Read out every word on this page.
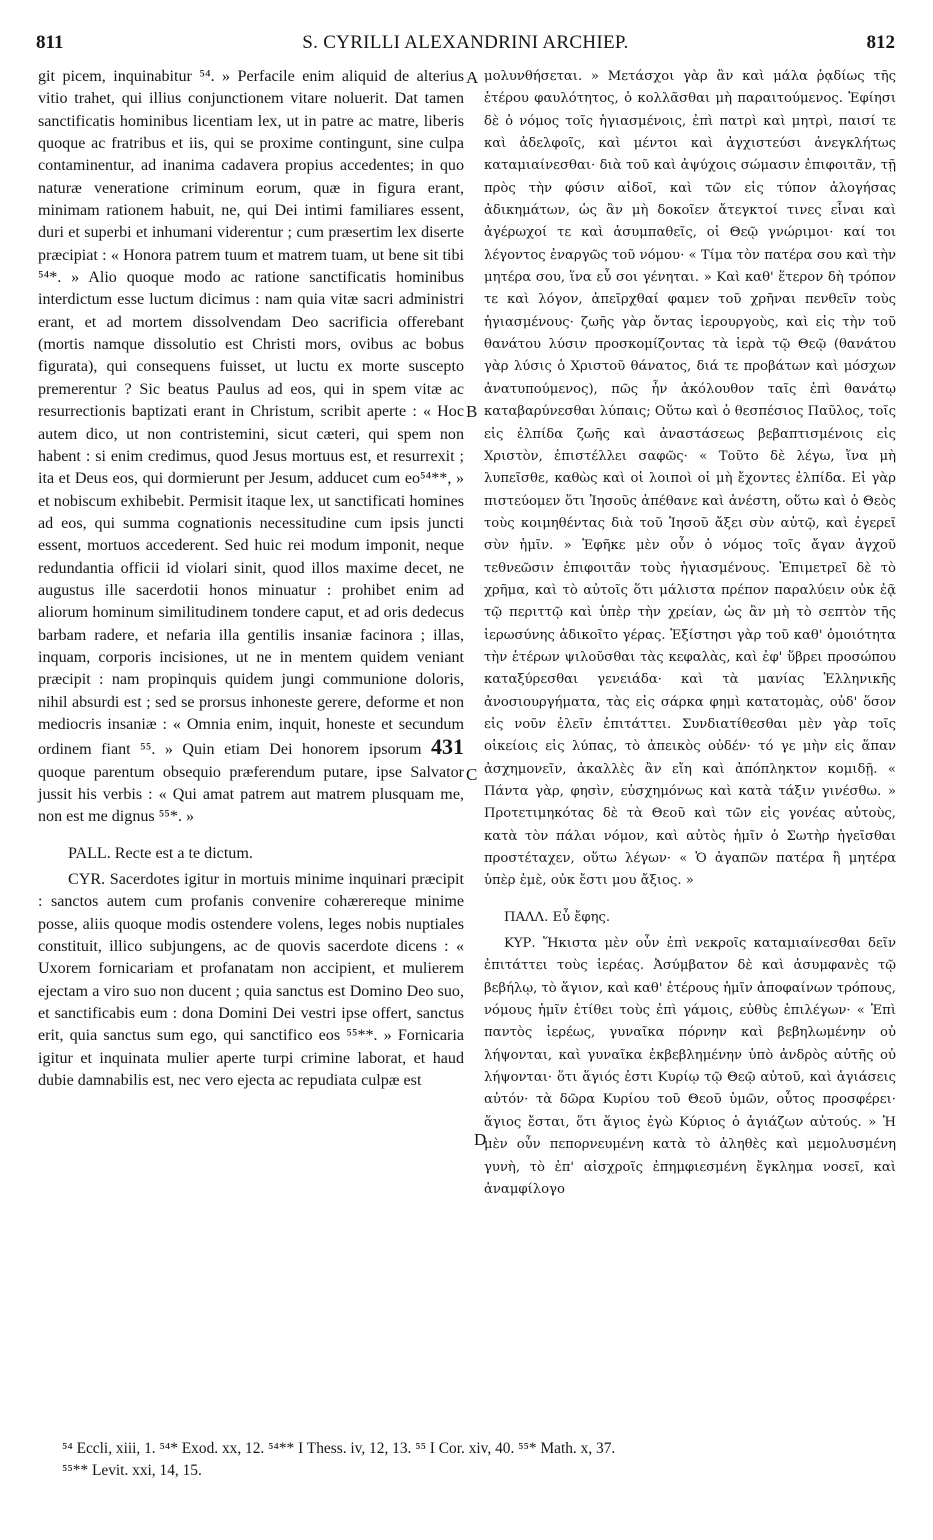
811	S. CYRILLI ALEXANDRINI ARCHIEP.	812

git picem, inquinabitur ⁵⁴. » Perfacile enim aliquid de alterius vitio trahet, qui illius conjunctionem vitare noluerit. Dat tamen sanctificatis hominibus licentiam lex, ut in patre ac matre, liberis quoque ac fratribus et iis, qui se proxime contingunt, sine culpa contaminentur, ad inanima cadavera propius accedentes; in quo naturæ veneratione criminum eorum, quæ in figura erant, minimam rationem habuit, ne, qui Dei intimi familiares essent, duri et superbi et inhumani viderentur ; cum præsertim lex diserte præcipiat : « Honora patrem tuum et matrem tuam, ut bene sit tibi ⁵⁴*. » Alio quoque modo ac ratione sanctificatis hominibus interdictum esse luctum dicimus : nam quia vitæ sacri administri erant, et ad mortem dissolvendam Deo sacrificia offerebant (mortis namque dissolutio est Christi mors, ovibus ac bobus figurata), qui consequens fuisset, ut luctu ex morte suscepto premerentur ? Sic beatus Paulus ad eos, qui in spem vitæ ac resurrectionis baptizati erant in Christum, scribit aperte : « Hoc autem dico, ut non contristemini, sicut cæteri, qui spem non habent : si enim credimus, quod Jesus mortuus est, et resurrexit ; ita et Deus eos, qui dormierunt per Jesum, adducet cum eo⁵⁴**, » et nobiscum exhibebit. Permisit itaque lex, ut sanctificati homines ad eos, qui summa cognationis necessitudine cum ipsis juncti essent, mortuos accederent. Sed huic rei modum imponit, neque redundantia officii id violari sinit, quod illos maxime decet, ne augustus ille sacerdotii honos minuatur : prohibet enim ad aliorum hominum similitudinem tondere caput, et ad oris dedecus barbam radere, et nefaria illa gentilis insaniæ facinora ; illas, inquam, corporis incisiones, ut ne in mentem quidem veniant præcipit : nam propinquis quidem jungi communione doloris, nihil absurdi est ; sed se prorsus inhoneste gerere, deforme et non mediocris insaniæ : « Omnia enim, inquit, honeste et secundum ordinem fiant ⁵⁵. » Quin etiam Dei honorem ipsorum 431 quoque parentum obsequio præferendum putare, ipse Salvator jussit his verbis : « Qui amat patrem aut matrem plusquam me, non est me dignus ⁵⁵*. »

PALL. Recte est a te dictum.

CYR. Sacerdotes igitur in mortuis minime inquinari præcipit : sanctos autem cum profanis convenire cohærereque minime posse, aliis quoque modis ostendere volens, leges nobis nuptiales constituit, illico subjungens, ac de quovis sacerdote dicens : « Uxorem fornicariam et profanatam non accipient, et mulierem ejectam a viro suo non ducent ; quia sanctus est Domino Deo suo, et sanctificabis eum : dona Domini Dei vestri ipse offert, sanctus erit, quia sanctus sum ego, qui sanctifico eos ⁵⁵**. » Fornicaria igitur et inquinata mulier aperte turpi crimine laborat, et haud dubie damnabilis est, nec vero ejecta ac repudiata culpæ est

μολυνθήσεται. » Μετάσχοι γὰρ ἂν καὶ μάλα ῥᾳδίως τῆς ἑτέρου φαυλότητος, ὁ κολλᾶσθαι μὴ παραιτούμενος. Ἐφίησι δὲ ὁ νόμος τοῖς ἡγιασμένοις, ἐπὶ πατρὶ καὶ μητρὶ, παισί τε καὶ ἀδελφοῖς, καὶ μέντοι καὶ ἀγχιστεύσι ἀνεγκλήτως καταμιαίνεσθαι· διὰ τοῦ καὶ ἀψύχοις σώμασιν ἐπιφοιτᾶν, τῇ πρὸς τὴν φύσιν αἰδοῖ, καὶ τῶν εἰς τύπον ἀλογήσας ἀδικημάτων, ὡς ἂν μὴ δοκοῖεν ἄτεγκτοί τινες εἶναι καὶ ἀγέρωχοί τε καὶ ἀσυμπαθεῖς, οἱ Θεῷ γνώριμοι· καί τοι λέγοντος ἐναργῶς τοῦ νόμου· « Τίμα τὸν πατέρα σου καὶ τὴν μητέρα σου, ἵνα εὖ σοι γένηται. » Καὶ καθ' ἕτερον δὴ τρόπον τε καὶ λόγον, ἀπεῖρχθαί φαμεν τοῦ χρῆναι πενθεῖν τοὺς ἡγιασμένους· ζωῆς γὰρ ὄντας ἱερουργοὺς, καὶ εἰς τὴν τοῦ θανάτου λύσιν προσκομίζοντας τὰ ἱερὰ τῷ Θεῷ (θανάτου γὰρ λύσις ὁ Χριστοῦ θάνατος, διά τε προβάτων καὶ μόσχων ἀνατυπούμενος), πῶς ἦν ἀκόλουθον ταῖς ἐπὶ θανάτῳ καταβαρύνεσθαι λύπαις; Οὕτω καὶ ὁ θεσπέσιος Παῦλος, τοῖς εἰς ἐλπίδα ζωῆς καὶ ἀναστάσεως βεβαπτισμένοις εἰς Χριστὸν, ἐπιστέλλει σαφῶς· « Τοῦτο δὲ λέγω, ἵνα μὴ λυπεῖσθε, καθὼς καὶ οἱ λοιποὶ οἱ μὴ ἔχοντες ἐλπίδα. Εἰ γὰρ πιστεύομεν ὅτι Ἰησοῦς ἀπέθανε καὶ ἀνέστη, οὕτω καὶ ὁ Θεὸς τοὺς κοιμηθέντας διὰ τοῦ Ἰησοῦ ἄξει σὺν αὐτῷ, καὶ ἐγερεῖ σὺν ἡμῖν. » Ἐφῆκε μὲν οὖν ὁ νόμος τοῖς ἄγαν ἀγχοῦ τεθνεῶσιν ἐπιφοιτᾶν τοὺς ἡγιασμένους. Ἐπιμετρεῖ δὲ τὸ χρῆμα, καὶ τὸ αὐτοῖς ὅτι μάλιστα πρέπον παραλύειν οὐκ ἐᾷ τῷ περιττῷ καὶ ὑπὲρ τὴν χρείαν, ὡς ἂν μὴ τὸ σεπτὸν τῆς ἱερωσύνης ἀδικοῖτο γέρας. Ἐξίστησι γὰρ τοῦ καθ' ὁμοιότητα τὴν ἑτέρων ψιλοῦσθαι τὰς κεφαλὰς, καὶ ἐφ' ὕβρει προσώπου καταξύρεσθαι γενειάδα· καὶ τὰ μανίας Ἑλληνικῆς ἀνοσιουργήματα, τὰς εἰς σάρκα φημὶ κατατομὰς, οὐδ' ὅσον εἰς νοῦν ἐλεῖν ἐπιτάττει. Συνδιατίθεσθαι μὲν γὰρ τοῖς οἰκείοις εἰς λύπας, τὸ ἀπεικὸς οὐδέν· τό γε μὴν εἰς ἅπαν ἀσχημονεῖν, ἀκαλλὲς ἂν εἴη καὶ ἀπόπληκτον κομιδῇ. « Πάντα γὰρ, φησὶν, εὐσχημόνως καὶ κατὰ τάξιν γινέσθω. » Προτετιμηκότας δὲ τὰ Θεοῦ καὶ τῶν εἰς γονέας αὐτοὺς, κατὰ τὸν πάλαι νόμον, καὶ αὐτὸς ἡμῖν ὁ Σωτὴρ ἡγεῖσθαι προστέταχεν, οὕτω λέγων· « Ὁ ἀγαπῶν πατέρα ἢ μητέρα ὑπὲρ ἐμὲ, οὐκ ἔστι μου ἄξιος. »

ΠΑΛΛ. Εὖ ἔφης.

ΚΥΡ. Ἥκιστα μὲν οὖν ἐπὶ νεκροῖς καταμιαίνεσθαι δεῖν ἐπιτάττει τοὺς ἱερέας. Ἀσύμβατον δὲ καὶ ἀσυμφανὲς τῷ βεβήλῳ, τὸ ἅγιον, καὶ καθ' ἑτέρους ἡμῖν ἀποφαίνων τρόπους, νόμους ἡμῖν ἐτίθει τοὺς ἐπὶ γάμοις, εὐθὺς ἐπιλέγων· « Ἐπὶ παντὸς ἱερέως, γυναῖκα πόρνην καὶ βεβηλωμένην οὐ λήψονται, καὶ γυναῖκα ἐκβεβλημένην ὑπὸ ἀνδρὸς αὐτῆς οὐ λήψονται· ὅτι ἅγιός ἐστι Κυρίῳ τῷ Θεῷ αὐτοῦ, καὶ ἁγιάσεις αὐτόν· τὰ δῶρα Κυρίου τοῦ Θεοῦ ὑμῶν, οὗτος προσφέρει· ἅγιος ἔσται, ὅτι ἅγιος ἐγὼ Κύριος ὁ ἁγιάζων αὐτούς. » Ἡ μὲν οὖν πεπορνευμένη κατὰ τὸ ἀληθὲς καὶ μεμολυσμένη γυνὴ, τὸ ἐπ' αἰσχροῖς ἐπημφιεσμένη ἔγκλημα νοσεῖ, καὶ ἀναμφίλογο

A
B
C
D
⁵⁴ Eccli, xiii, 1. ⁵⁴* Exod. xx, 12. ⁵⁴** I Thess. iv, 12, 13. ⁵⁵ I Cor. xiv, 40. ⁵⁵* Math. x, 37.
⁵⁵** Levit. xxi, 14, 15.
